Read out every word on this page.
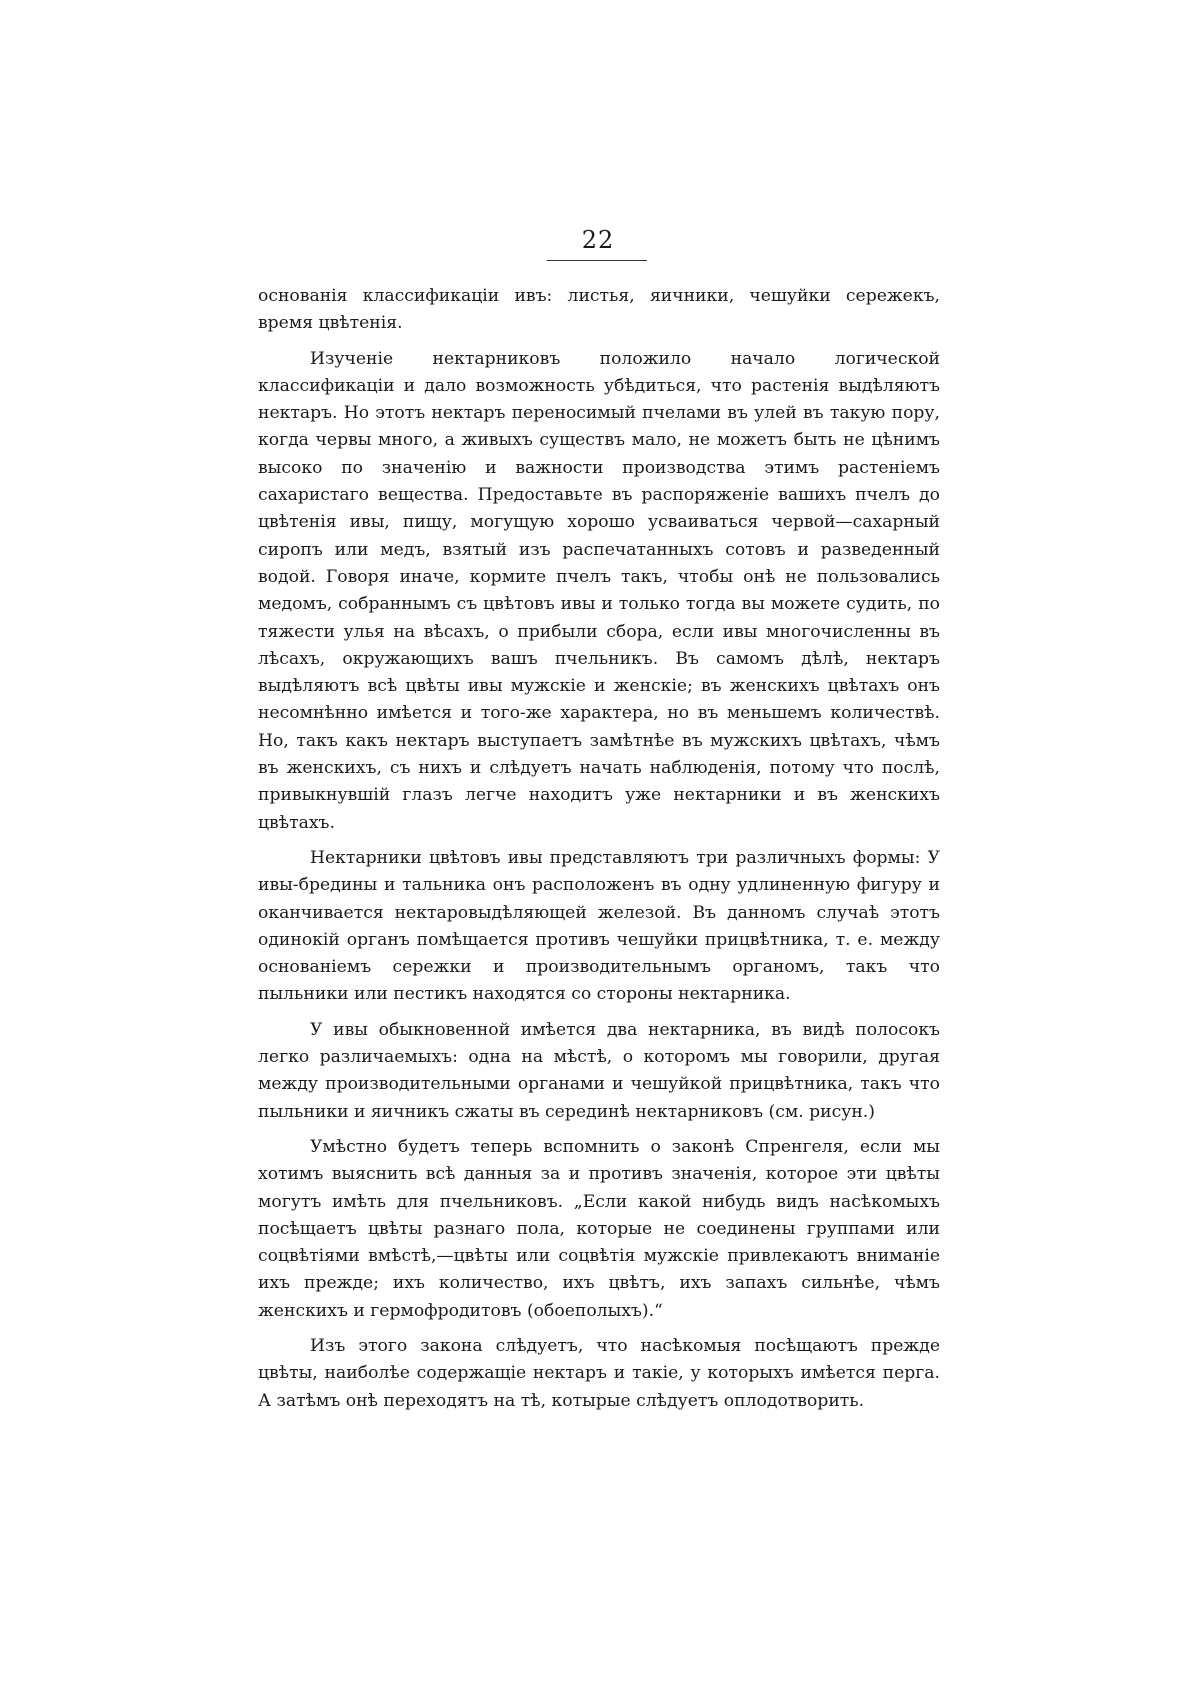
22

основанія классификаціи ивъ: листья, яичники, чешуйки сережекъ, время цвѣтенія.

Изученіе нектарниковъ положило начало логической классификаціи и дало возможность убѣдиться, что растенія выдѣляютъ нектаръ. Но этотъ нектаръ переносимый пчелами въ улей въ такую пору, когда червы много, а живыхъ существъ мало, не можетъ быть не цѣнимъ высоко по значенію и важности производства этимъ растеніемъ сахаристаго вещества. Предоставьте въ распоряженіе вашихъ пчелъ до цвѣтенія ивы, пищу, могущую хорошо усваиваться червой—сахарный сиропъ или медъ, взятый изъ распечатанныхъ сотовъ и разведенный водой. Говоря иначе, кормите пчелъ такъ, чтобы онѣ не пользовались медомъ, собраннымъ съ цвѣтовъ ивы и только тогда вы можете судить, по тяжести улья на вѣсахъ, о прибыли сбора, если ивы многочисленны въ лѣсахъ, окружающихъ вашъ пчельникъ. Въ самомъ дѣлѣ, нектаръ выдѣляютъ всѣ цвѣты ивы мужскіе и женскіе; въ женскихъ цвѣтахъ онъ несомнѣнно имѣется и того-же характера, но въ меньшемъ количествѣ. Но, такъ какъ нектаръ выступаетъ замѣтнѣе въ мужскихъ цвѣтахъ, чѣмъ въ женскихъ, съ нихъ и слѣдуетъ начать наблюденія, потому что послѣ, привыкнувшій глазъ легче находитъ уже нектарники и въ женскихъ цвѣтахъ.

Нектарники цвѣтовъ ивы представляютъ три различныхъ формы: У ивы-бредины и тальника онъ расположенъ въ одну удлиненную фигуру и оканчивается нектаровыдѣляющей железой. Въ данномъ случаѣ этотъ одинокій органъ помѣщается противъ чешуйки прицвѣтника, т. е. между основаніемъ сережки и производительнымъ органомъ, такъ что пыльники или пестикъ находятся со стороны нектарника.

У ивы обыкновенной имѣется два нектарника, въ видѣ полосокъ легко различаемыхъ: одна на мѣстѣ, о которомъ мы говорили, другая между производительными органами и чешуйкой прицвѣтника, такъ что пыльники и яичникъ сжаты въ серединѣ нектарниковъ (см. рисун.)

Умѣстно будетъ теперь вспомнить о законѣ Спренгеля, если мы хотимъ выяснить всѣ данныя за и противъ значенія, которое эти цвѣты могутъ имѣть для пчельниковъ. „Если какой нибудь видъ насѣкомыхъ посѣщаетъ цвѣты разнаго пола, которые не соединены группами или соцвѣтіями вмѣстѣ,—цвѣты или соцвѣтія мужскіе привлекаютъ вниманіе ихъ прежде; ихъ количество, ихъ цвѣтъ, ихъ запахъ сильнѣе, чѣмъ женскихъ и гермофродитовъ (обоеполыхъ).“

Изъ этого закона слѣдуетъ, что насѣкомыя посѣщаютъ прежде цвѣты, наиболѣе содержащіе нектаръ и такіе, у которыхъ имѣется перга. А затѣмъ онѣ переходятъ на тѣ, котырые слѣдуетъ оплодотворить.
